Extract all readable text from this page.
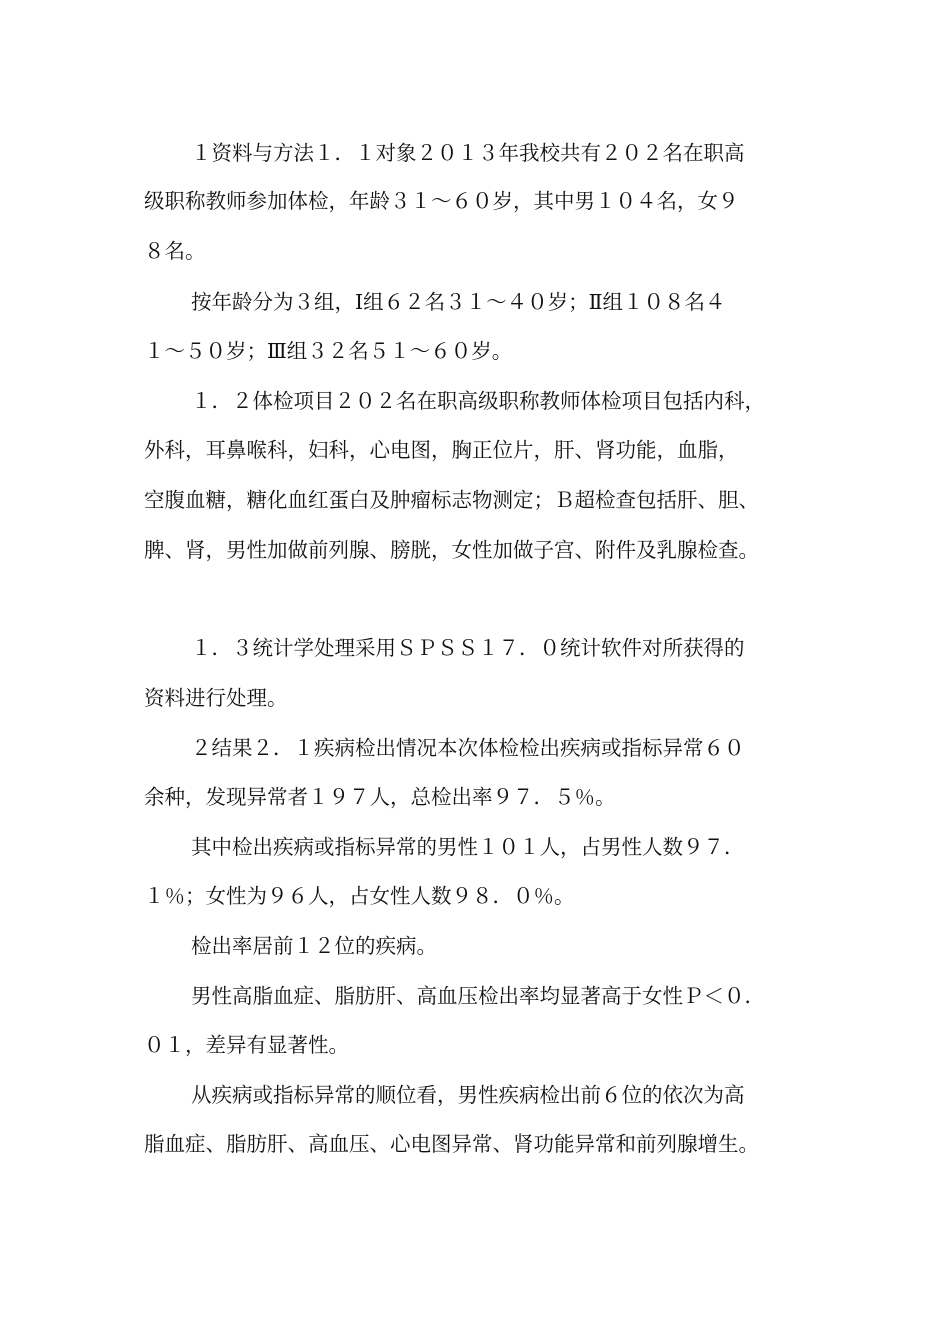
１资料与方法１．１对象２０１３年我校共有２０２名在职高
级职称教师参加体检，年龄３１～６０岁，其中男１０４名，女９
８名。
按年龄分为３组，Ⅰ组６２名３１～４０岁；Ⅱ组１０８名４
１～５０岁；Ⅲ组３２名５１～６０岁。
１．２体检项目２０２名在职高级职称教师体检项目包括内科，
外科，耳鼻喉科，妇科，心电图，胸正位片，肝、肾功能，血脂，
空腹血糖，糖化血红蛋白及肿瘤标志物测定；Ｂ超检查包括肝、胆、
脾、肾，男性加做前列腺、膀胱，女性加做子宫、附件及乳腺检查。
１．３统计学处理采用ＳＰＳＳ１７．０统计软件对所获得的
资料进行处理。
２结果２．１疾病检出情况本次体检检出疾病或指标异常６０
余种，发现异常者１９７人，总检出率９７．５％。
其中检出疾病或指标异常的男性１０１人，占男性人数９７．
１％；女性为９６人，占女性人数９８．０％。
检出率居前１２位的疾病。
男性高脂血症、脂肪肝、高血压检出率均显著高于女性Ｐ＜０．
０１，差异有显著性。
从疾病或指标异常的顺位看，男性疾病检出前６位的依次为高
脂血症、脂肪肝、高血压、心电图异常、肾功能异常和前列腺增生。
